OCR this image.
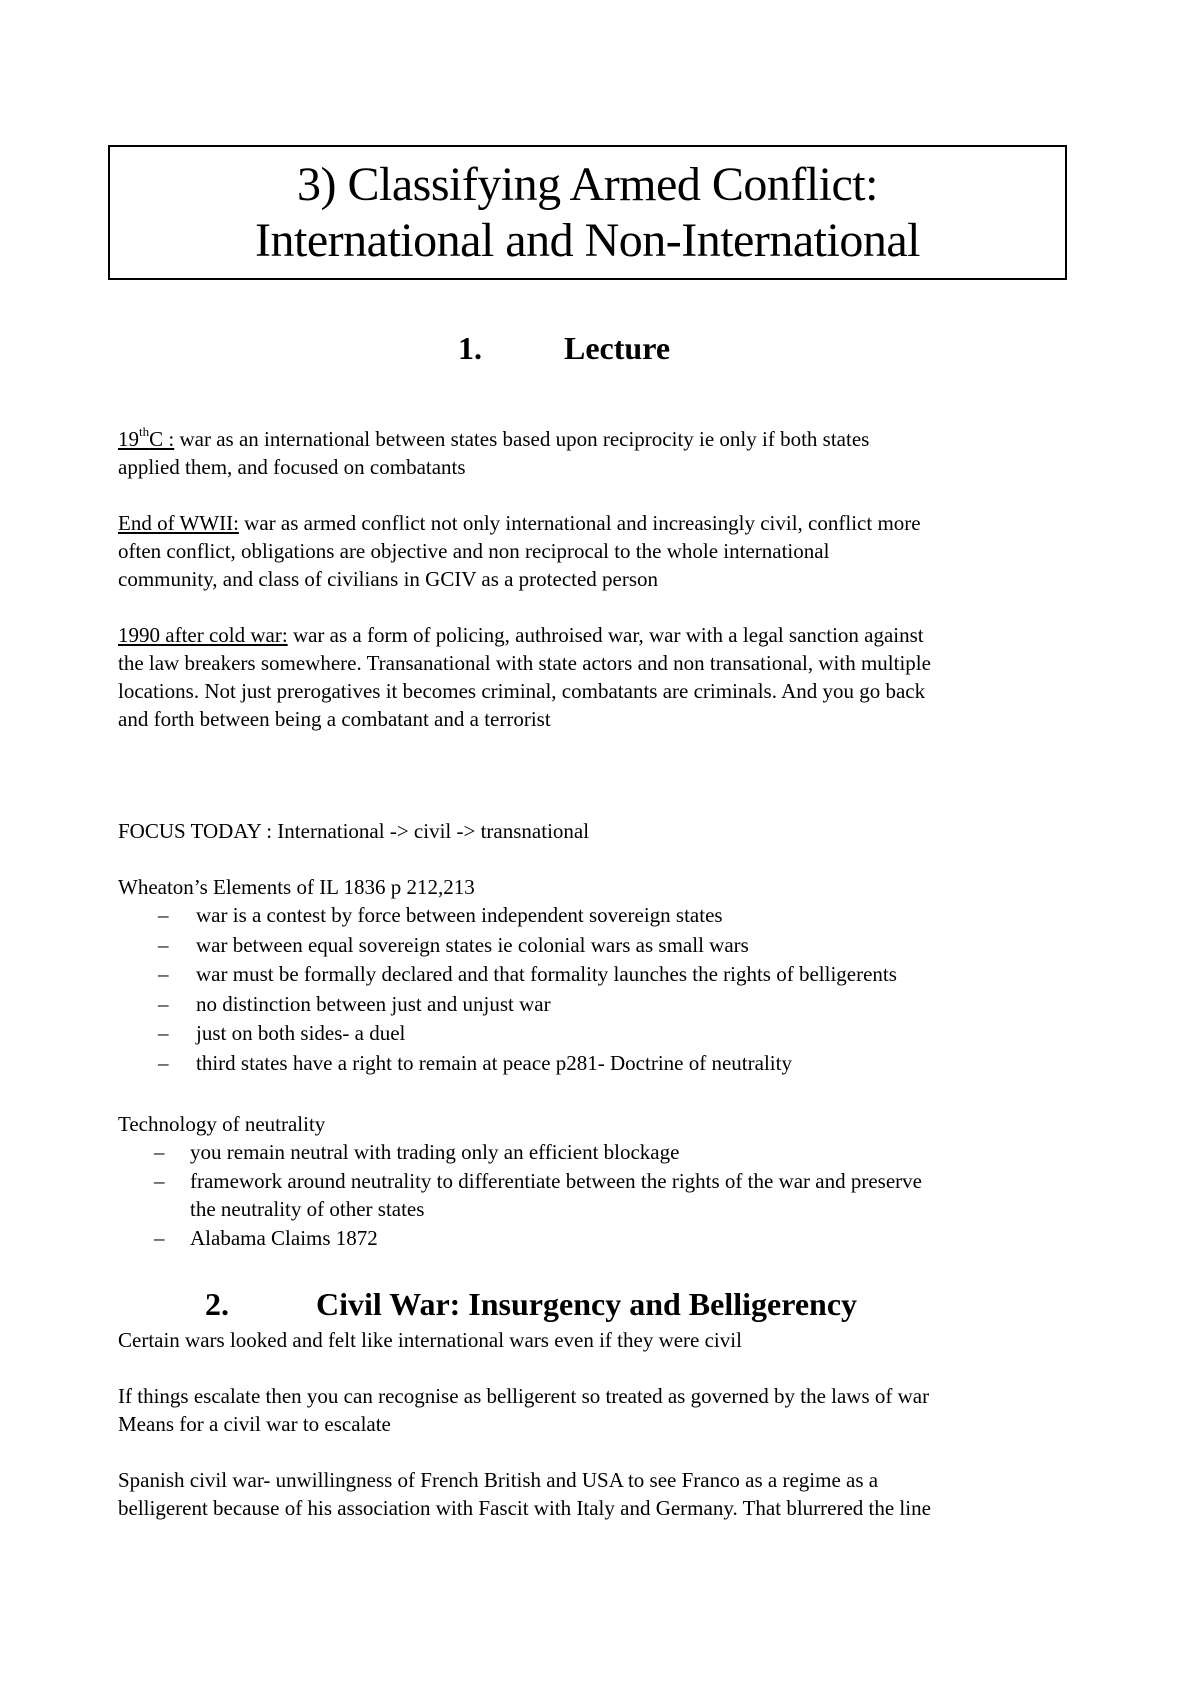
3) Classifying Armed Conflict:
International and Non-International
1.	Lecture
19thC : war as an international between states based upon reciprocity ie only if both states
applied them, and focused on combatants
End of WWII: war as armed conflict not only international and increasingly civil, conflict more
often conflict, obligations are objective and non reciprocal to the whole international
community, and class of civilians in GCIV as a protected person
1990 after cold war: war as a form of policing, authroised war, war with a legal sanction against
the law breakers somewhere. Transanational with state actors and non transational, with multiple
locations. Not just prerogatives it becomes criminal, combatants are criminals. And you go back
and forth between being a combatant and a terrorist
FOCUS TODAY : International -> civil -> transnational
Wheaton’s Elements of IL 1836 p 212,213
–	war is a contest by force between independent sovereign states
–	war between equal sovereign states ie colonial wars as small wars
–	war must be formally declared and that formality launches the rights of belligerents
–	no distinction between just and unjust war
–	just on both sides- a duel
–	third states have a right to remain at peace p281- Doctrine of neutrality
Technology of neutrality
–	you remain neutral with trading only an efficient blockage
–	framework around neutrality to differentiate between the rights of the war and preserve
the neutrality of other states
–	Alabama Claims 1872
2.	Civil War: Insurgency and Belligerency
Certain wars looked and felt like international wars even if they were civil
If things escalate then you can recognise as belligerent so treated as governed by the laws of war
Means for a civil war to escalate
Spanish civil war- unwillingness of French British and USA to see Franco as a regime as a
belligerent because of his association with Fascit with Italy and Germany. That blurrered the line
